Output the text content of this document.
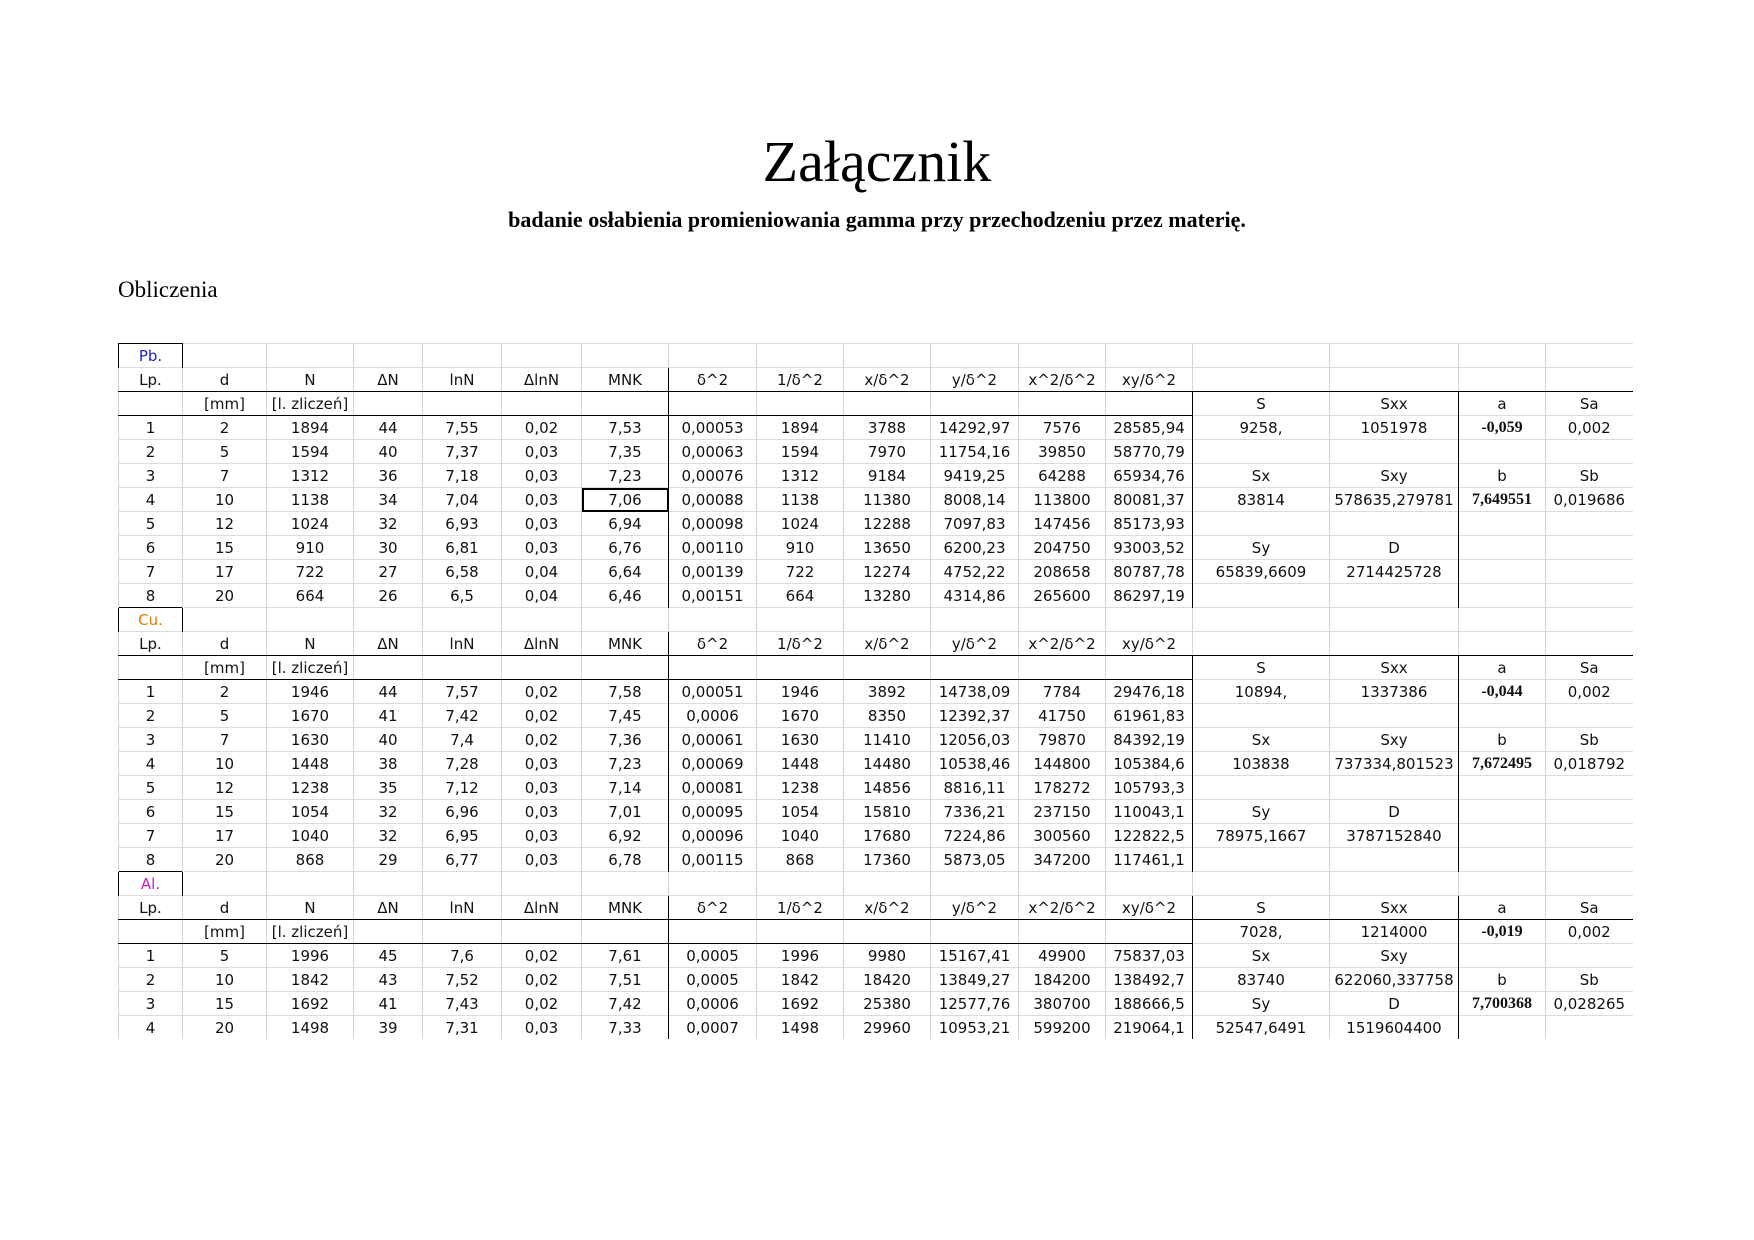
Załącznik
badanie osłabienia promieniowania gamma przy przechodzeniu przez materię.
Obliczenia
Pb.																
Lp.	d	N	ΔN	lnN	ΔlnN	MNK	δ^2	1/δ^2	x/δ^2	y/δ^2	x^2/δ^2	xy/δ^2				
	[mm]	[l. zliczeń]											S	Sxx	a	Sa
1	2	1894	44	7,55	0,02	7,53	0,00053	1894	3788	14292,97	7576	28585,94	9258,	1051978	-0,059	0,002
2	5	1594	40	7,37	0,03	7,35	0,00063	1594	7970	11754,16	39850	58770,79				
3	7	1312	36	7,18	0,03	7,23	0,00076	1312	9184	9419,25	64288	65934,76	Sx	Sxy	b	Sb
4	10	1138	34	7,04	0,03	7,06	0,00088	1138	11380	8008,14	113800	80081,37	83814	578635,279781	7,649551	0,019686
5	12	1024	32	6,93	0,03	6,94	0,00098	1024	12288	7097,83	147456	85173,93				
6	15	910	30	6,81	0,03	6,76	0,00110	910	13650	6200,23	204750	93003,52	Sy	D		
7	17	722	27	6,58	0,04	6,64	0,00139	722	12274	4752,22	208658	80787,78	65839,6609	2714425728		
8	20	664	26	6,5	0,04	6,46	0,00151	664	13280	4314,86	265600	86297,19				
Cu.																
Lp.	d	N	ΔN	lnN	ΔlnN	MNK	δ^2	1/δ^2	x/δ^2	y/δ^2	x^2/δ^2	xy/δ^2				
	[mm]	[l. zliczeń]											S	Sxx	a	Sa
1	2	1946	44	7,57	0,02	7,58	0,00051	1946	3892	14738,09	7784	29476,18	10894,	1337386	-0,044	0,002
2	5	1670	41	7,42	0,02	7,45	0,0006	1670	8350	12392,37	41750	61961,83				
3	7	1630	40	7,4	0,02	7,36	0,00061	1630	11410	12056,03	79870	84392,19	Sx	Sxy	b	Sb
4	10	1448	38	7,28	0,03	7,23	0,00069	1448	14480	10538,46	144800	105384,6	103838	737334,801523	7,672495	0,018792
5	12	1238	35	7,12	0,03	7,14	0,00081	1238	14856	8816,11	178272	105793,3				
6	15	1054	32	6,96	0,03	7,01	0,00095	1054	15810	7336,21	237150	110043,1	Sy	D		
7	17	1040	32	6,95	0,03	6,92	0,00096	1040	17680	7224,86	300560	122822,5	78975,1667	3787152840		
8	20	868	29	6,77	0,03	6,78	0,00115	868	17360	5873,05	347200	117461,1				
Al.																
Lp.	d	N	ΔN	lnN	ΔlnN	MNK	δ^2	1/δ^2	x/δ^2	y/δ^2	x^2/δ^2	xy/δ^2	S	Sxx	a	Sa
	[mm]	[l. zliczeń]											7028,	1214000	-0,019	0,002
1	5	1996	45	7,6	0,02	7,61	0,0005	1996	9980	15167,41	49900	75837,03	Sx	Sxy		
2	10	1842	43	7,52	0,02	7,51	0,0005	1842	18420	13849,27	184200	138492,7	83740	622060,337758	b	Sb
3	15	1692	41	7,43	0,02	7,42	0,0006	1692	25380	12577,76	380700	188666,5	Sy	D	7,700368	0,028265
4	20	1498	39	7,31	0,03	7,33	0,0007	1498	29960	10953,21	599200	219064,1	52547,6491	1519604400		
